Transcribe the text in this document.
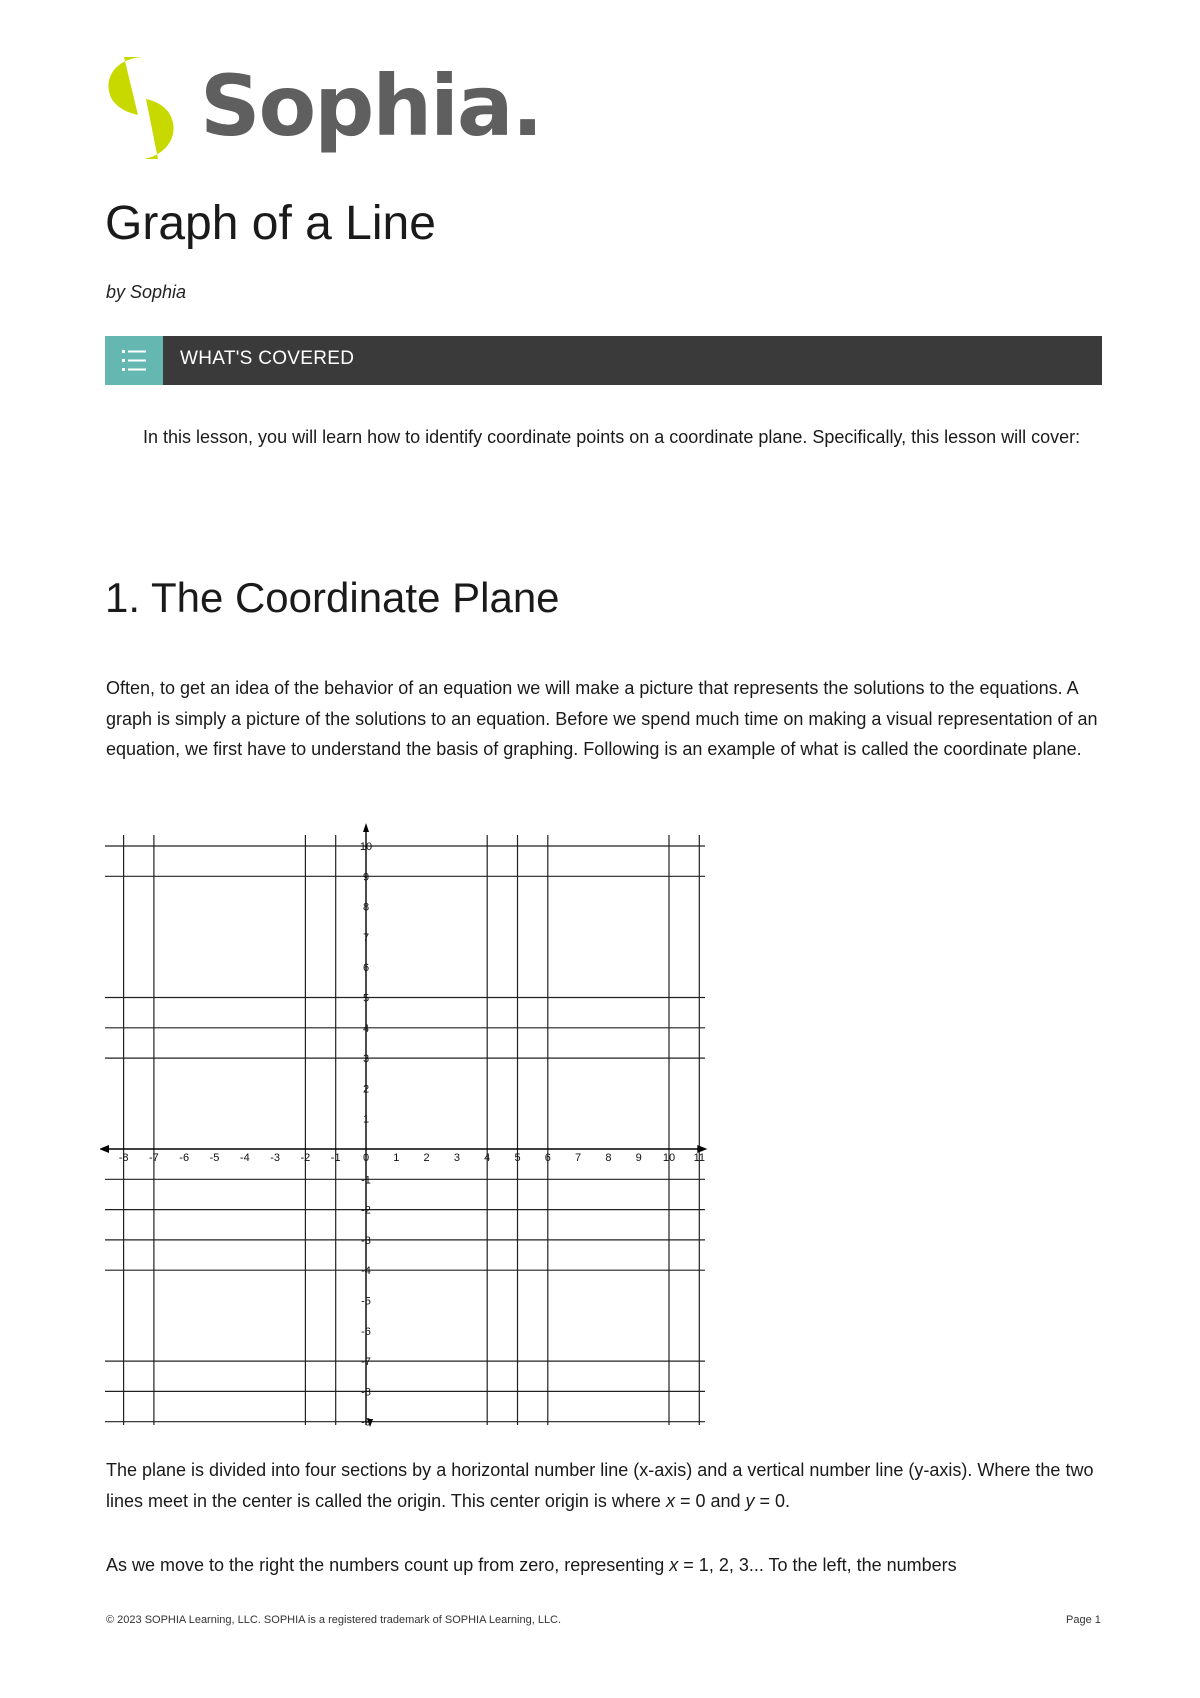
Sophia.
Graph of a Line
by Sophia
WHAT'S COVERED
In this lesson, you will learn how to identify coordinate points on a coordinate plane. Specifically, this lesson will cover:
1. The Coordinate Plane

Often, to get an idea of the behavior of an equation we will make a picture that represents the solutions to the equations. A graph is simply a picture of the solutions to an equation. Before we spend much time on making a visual representation of an equation, we first have to understand the basis of graphing. Following is an example of what is called the coordinate plane.

-8 -7 -6 -5 -4 -3 -2 -1 0 1 2 3 4 5 6 7 8 9 10 11
10
9
8
7
6
5
4
3
2
1
-1
-2
-3
-4
-5
-6
-7
-8
-9

The plane is divided into four sections by a horizontal number line (x-axis) and a vertical number line (y-axis). Where the two lines meet in the center is called the origin. This center origin is where x = 0 and y = 0.

As we move to the right the numbers count up from zero, representing x = 1, 2, 3... To the left, the numbers

© 2023 SOPHIA Learning, LLC. SOPHIA is a registered trademark of SOPHIA Learning, LLC.	Page 1
